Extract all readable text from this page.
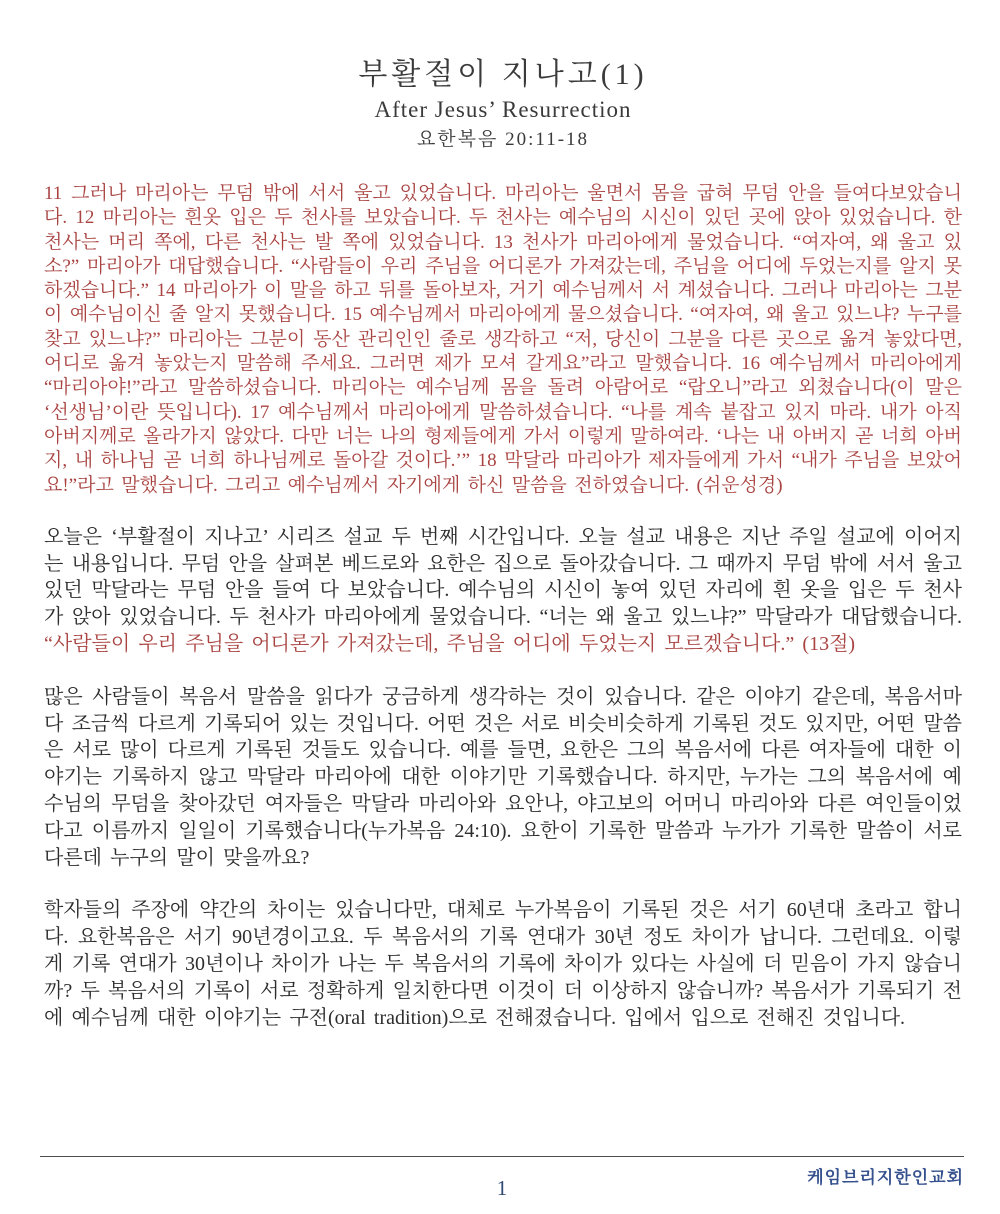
부활절이 지나고(1)
After Jesus’ Resurrection
요한복음 20:11-18

11 그러나 마리아는 무덤 밖에 서서 울고 있었습니다. 마리아는 울면서 몸을 굽혀 무덤 안을 들여다보았습니다. 12 마리아는 흰옷 입은 두 천사를 보았습니다. 두 천사는 예수님의 시신이 있던 곳에 앉아 있었습니다. 한 천사는 머리 쪽에, 다른 천사는 발 쪽에 있었습니다. 13 천사가 마리아에게 물었습니다. “여자여, 왜 울고 있소?” 마리아가 대답했습니다. “사람들이 우리 주님을 어디론가 가져갔는데, 주님을 어디에 두었는지를 알지 못하겠습니다.” 14 마리아가 이 말을 하고 뒤를 돌아보자, 거기 예수님께서 서 계셨습니다. 그러나 마리아는 그분이 예수님이신 줄 알지 못했습니다. 15 예수님께서 마리아에게 물으셨습니다. “여자여, 왜 울고 있느냐? 누구를 찾고 있느냐?” 마리아는 그분이 동산 관리인인 줄로 생각하고 “저, 당신이 그분을 다른 곳으로 옮겨 놓았다면, 어디로 옮겨 놓았는지 말씀해 주세요. 그러면 제가 모셔 갈게요”라고 말했습니다. 16 예수님께서 마리아에게 “마리아야!”라고 말씀하셨습니다. 마리아는 예수님께 몸을 돌려 아람어로 “랍오니”라고 외쳤습니다(이 말은 ‘선생님’이란 뜻입니다). 17 예수님께서 마리아에게 말씀하셨습니다. “나를 계속 붙잡고 있지 마라. 내가 아직 아버지께로 올라가지 않았다. 다만 너는 나의 형제들에게 가서 이렇게 말하여라. ‘나는 내 아버지 곧 너희 아버지, 내 하나님 곧 너희 하나님께로 돌아갈 것이다.’” 18 막달라 마리아가 제자들에게 가서 “내가 주님을 보았어요!”라고 말했습니다. 그리고 예수님께서 자기에게 하신 말씀을 전하였습니다. (쉬운성경)

오늘은 ‘부활절이 지나고’ 시리즈 설교 두 번째 시간입니다. 오늘 설교 내용은 지난 주일 설교에 이어지는 내용입니다. 무덤 안을 살펴본 베드로와 요한은 집으로 돌아갔습니다. 그 때까지 무덤 밖에 서서 울고 있던 막달라는 무덤 안을 들여 다 보았습니다. 예수님의 시신이 놓여 있던 자리에 흰 옷을 입은 두 천사가 앉아 있었습니다. 두 천사가 마리아에게 물었습니다. “너는 왜 울고 있느냐?” 막달라가 대답했습니다. “사람들이 우리 주님을 어디론가 가져갔는데, 주님을 어디에 두었는지 모르겠습니다.” (13절)

많은 사람들이 복음서 말씀을 읽다가 궁금하게 생각하는 것이 있습니다. 같은 이야기 같은데, 복음서마다 조금씩 다르게 기록되어 있는 것입니다. 어떤 것은 서로 비슷비슷하게 기록된 것도 있지만, 어떤 말씀은 서로 많이 다르게 기록된 것들도 있습니다. 예를 들면, 요한은 그의 복음서에 다른 여자들에 대한 이야기는 기록하지 않고 막달라 마리아에 대한 이야기만 기록했습니다. 하지만, 누가는 그의 복음서에 예수님의 무덤을 찾아갔던 여자들은 막달라 마리아와 요안나, 야고보의 어머니 마리아와 다른 여인들이었다고 이름까지 일일이 기록했습니다(누가복음 24:10). 요한이 기록한 말씀과 누가가 기록한 말씀이 서로 다른데 누구의 말이 맞을까요?

학자들의 주장에 약간의 차이는 있습니다만, 대체로 누가복음이 기록된 것은 서기 60년대 초라고 합니다. 요한복음은 서기 90년경이고요. 두 복음서의 기록 연대가 30년 정도 차이가 납니다. 그런데요. 이렇게 기록 연대가 30년이나 차이가 나는 두 복음서의 기록에 차이가 있다는 사실에 더 믿음이 가지 않습니까? 두 복음서의 기록이 서로 정확하게 일치한다면 이것이 더 이상하지 않습니까? 복음서가 기록되기 전에 예수님께 대한 이야기는 구전(oral tradition)으로 전해졌습니다. 입에서 입으로 전해진 것입니다.

케임브리지한인교회
1
